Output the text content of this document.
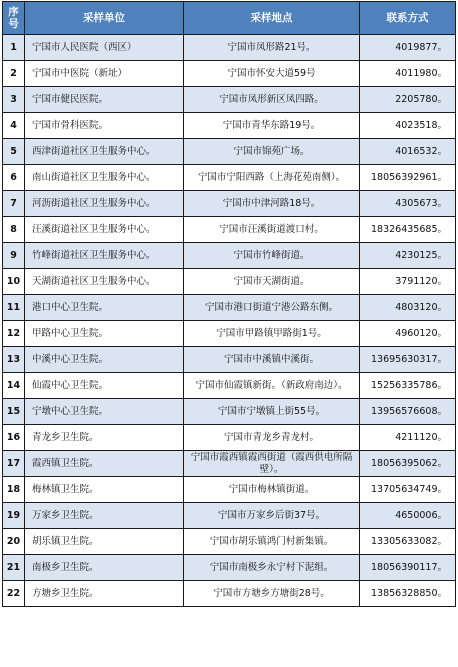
序号	采样单位	采样地点	联系方式
1	宁国市人民医院（西区）	宁国市凤形路21号。	4019877。
2	宁国市中医院（新址）	宁国市怀安大道59号	4011980。
3	宁国市健民医院。	宁国市凤形新区凤四路。	2205780。
4	宁国市骨科医院。	宁国市青华东路19号。	4023518。
5	西津街道社区卫生服务中心。	宁国市锦苑广场。	4016532。
6	南山街道社区卫生服务中心。	宁国市宁阳西路（上海花苑南侧）。	18056392961。
7	河沥街道社区卫生服务中心。	宁国市中津河路18号。	4305673。
8	汪溪街道社区卫生服务中心。	宁国市汪溪街道渡口村。	18326435685。
9	竹峰街道社区卫生服务中心。	宁国市竹峰街道。	4230125。
10	天湖街道社区卫生服务中心。	宁国市天湖街道。	3791120。
11	港口中心卫生院。	宁国市港口街道宁港公路东侧。	4803120。
12	甲路中心卫生院。	宁国市甲路镇甲路街1号。	4960120。
13	中溪中心卫生院。	宁国市中溪镇中溪街。	13695630317。
14	仙霞中心卫生院。	宁国市仙霞镇新街。（新政府南边）。	15256335786。
15	宁墩中心卫生院。	宁国市宁墩镇上街55号。	13956576608。
16	青龙乡卫生院。	宁国市青龙乡青龙村。	4211120。
17	霞西镇卫生院。	宁国市霞西镇霞西街道（霞西供电所隔壁）。	18056395062。
18	梅林镇卫生院。	宁国市梅林镇街道。	13705634749。
19	万家乡卫生院。	宁国市万家乡后街37号。	4650006。
20	胡乐镇卫生院。	宁国市胡乐镇鸿门村新集镇。	13305633082。
21	南极乡卫生院。	宁国市南极乡永宁村下泥组。	18056390117。
22	方塘乡卫生院。	宁国市方塘乡方塘街28号。	13856328850。
